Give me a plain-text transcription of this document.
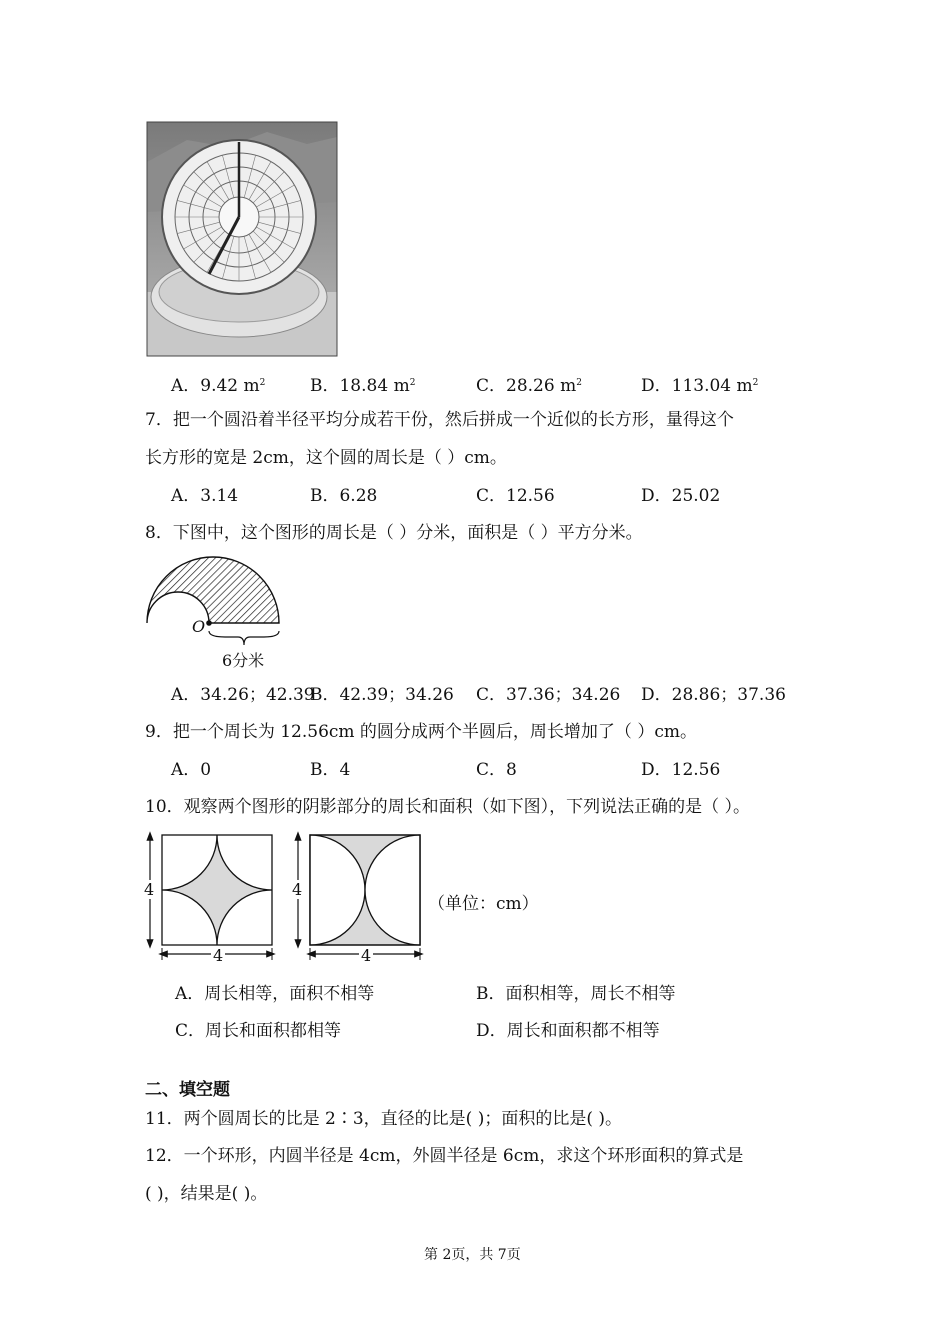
A．9.42 $m^2$	B．18.84 $m^2$	C．28.26 $m^2$	D．113.04 $m^2$
7．把一个圆沿着半径平均分成若干份，然后拼成一个近似的长方形，量得这个
长方形的宽是 2cm，这个圆的周长是（ ）cm。
A．3.14	B．6.28	C．12.56	D．25.02
8．下图中，这个图形的周长是（ ）分米，面积是（ ）平方分米。
O
6分米
A．34.26；42.39
B．42.39；34.26 C．37.36；34.26 D．28.86；37.36
9．把一个周长为 12.56cm 的圆分成两个半圆后，周长增加了（ ）cm。
A．0	B．4	C．8	D．12.56
10．观察两个图形的阴影部分的周长和面积（如下图），下列说法正确的是（ ）。
4
4
4
4
（单位：cm）
A．周长相等，面积不相等	B．面积相等，周长不相等
C．周长和面积都相等	D．周长和面积都不相等
二、填空题
11．两个圆周长的比是 2∶3，直径的比是( )；面积的比是( )。
12．一个环形，内圆半径是 4cm，外圆半径是 6cm，求这个环形面积的算式是
( )，结果是( )。
第 2页，共 7页
